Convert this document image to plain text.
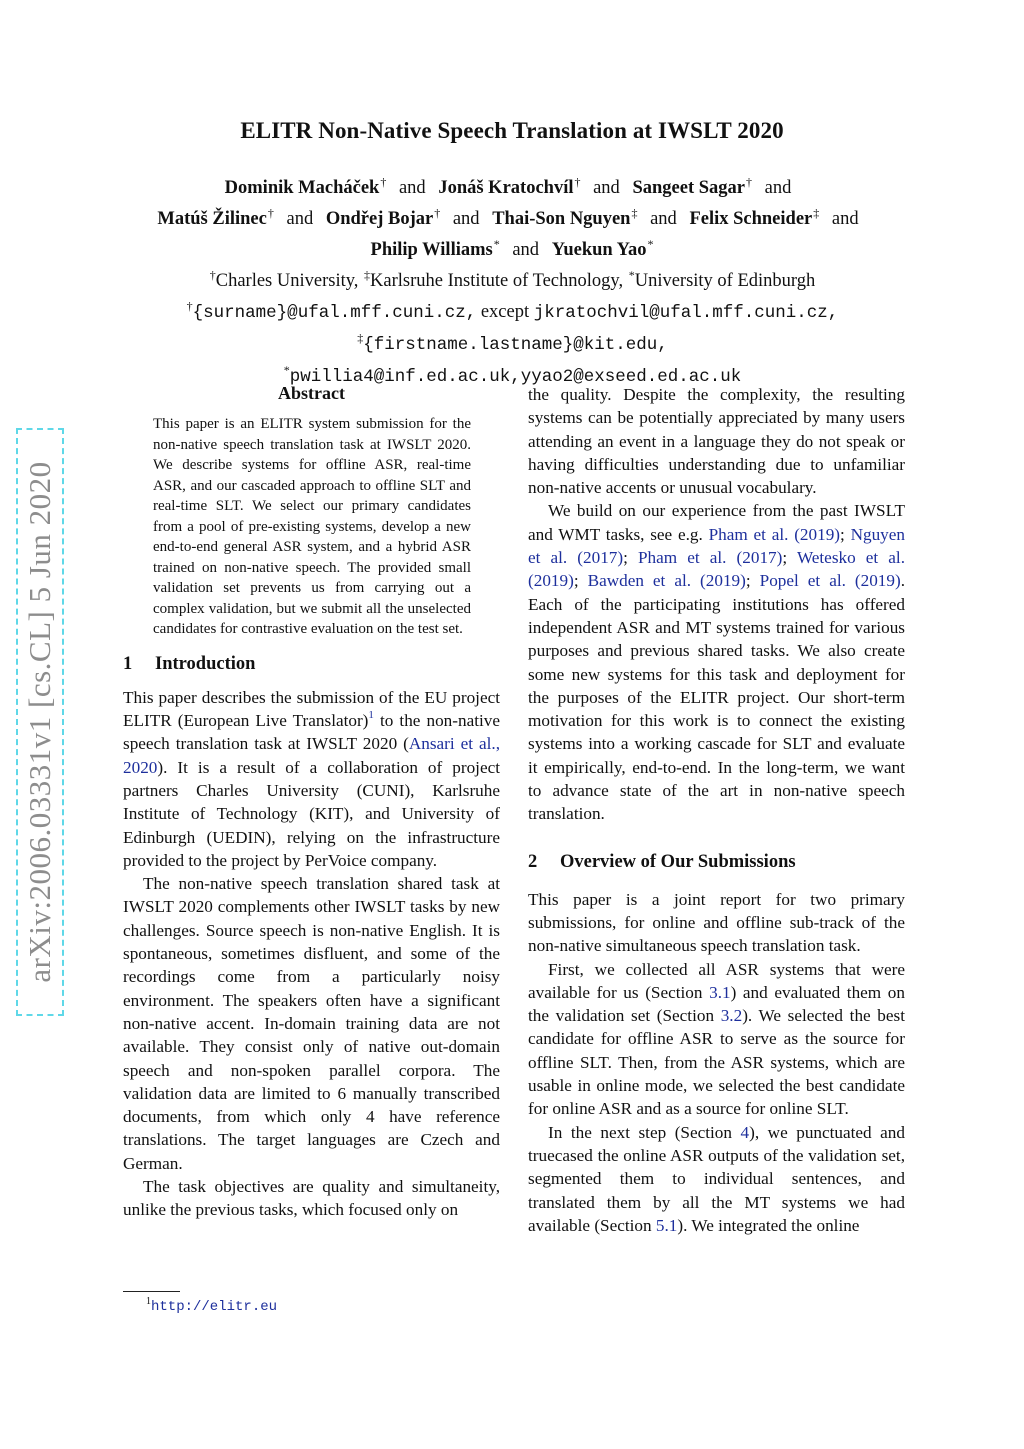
ELITR Non-Native Speech Translation at IWSLT 2020
Dominik Macháček† and Jonáš Kratochvíl† and Sangeet Sagar† and
Matúš Žilinec† and Ondřej Bojar† and Thai-Son Nguyen‡ and Felix Schneider‡ and
Philip Williams* and Yuekun Yao*
†Charles University, ‡Karlsruhe Institute of Technology, *University of Edinburgh
†{surname}@ufal.mff.cuni.cz, except jkratochvil@ufal.mff.cuni.cz,
‡{firstname.lastname}@kit.edu,
*pwillia4@inf.ed.ac.uk,yyao2@exseed.ed.ac.uk
arXiv:2006.03331v1 [cs.CL] 5 Jun 2020
Abstract

This paper is an ELITR system submission for the non-native speech translation task at IWSLT 2020. We describe systems for offline ASR, real-time ASR, and our cascaded approach to offline SLT and real-time SLT. We select our primary candidates from a pool of pre-existing systems, develop a new end-to-end general ASR system, and a hybrid ASR trained on non-native speech. The provided small validation set prevents us from carrying out a complex validation, but we submit all the unselected candidates for contrastive evaluation on the test set.

1 Introduction

This paper describes the submission of the EU project ELITR (European Live Translator)$^1$ to the non-native speech translation task at IWSLT 2020 (Ansari et al., 2020). It is a result of a collaboration of project partners Charles University (CUNI), Karlsruhe Institute of Technology (KIT), and University of Edinburgh (UEDIN), relying on the infrastructure provided to the project by PerVoice company.

The non-native speech translation shared task at IWSLT 2020 complements other IWSLT tasks by new challenges. Source speech is non-native English. It is spontaneous, sometimes disfluent, and some of the recordings come from a particularly noisy environment. The speakers often have a significant non-native accent. In-domain training data are not available. They consist only of native out-domain speech and non-spoken parallel corpora. The validation data are limited to 6 manually transcribed documents, from which only 4 have reference translations. The target languages are Czech and German.

The task objectives are quality and simultaneity, unlike the previous tasks, which focused only on

$^1$http://elitr.eu

the quality. Despite the complexity, the resulting systems can be potentially appreciated by many users attending an event in a language they do not speak or having difficulties understanding due to unfamiliar non-native accents or unusual vocabulary.

We build on our experience from the past IWSLT and WMT tasks, see e.g. Pham et al. (2019); Nguyen et al. (2017); Pham et al. (2017); Wetesko et al. (2019); Bawden et al. (2019); Popel et al. (2019). Each of the participating institutions has offered independent ASR and MT systems trained for various purposes and previous shared tasks. We also create some new systems for this task and deployment for the purposes of the ELITR project. Our short-term motivation for this work is to connect the existing systems into a working cascade for SLT and evaluate it empirically, end-to-end. In the long-term, we want to advance state of the art in non-native speech translation.

2 Overview of Our Submissions

This paper is a joint report for two primary submissions, for online and offline sub-track of the non-native simultaneous speech translation task.

First, we collected all ASR systems that were available for us (Section 3.1) and evaluated them on the validation set (Section 3.2). We selected the best candidate for offline ASR to serve as the source for offline SLT. Then, from the ASR systems, which are usable in online mode, we selected the best candidate for online ASR and as a source for online SLT.

In the next step (Section 4), we punctuated and truecased the online ASR outputs of the validation set, segmented them to individual sentences, and translated them by all the MT systems we had available (Section 5.1). We integrated the online
